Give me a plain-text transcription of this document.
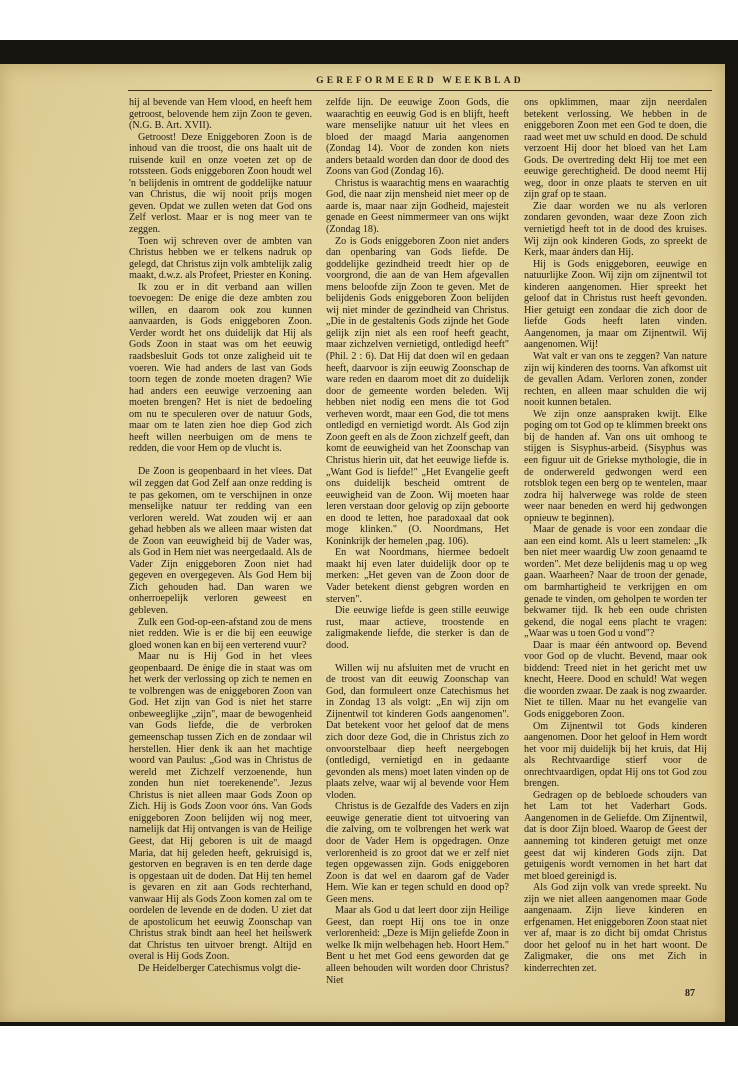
GEREFORMEERD WEEKBLAD

hij al bevende van Hem vlood, en heeft hem getroost, belovende hem zijn Zoon te geven. (N.G. B. Art. XVII).

Getroost! Deze Eniggeboren Zoon is de inhoud van die troost, die ons haalt uit de ruisende kuil en onze voeten zet op de rotssteen. Gods eniggeboren Zoon houdt wel 'n belijdenis in omtrent de goddelijke natuur van Christus, die wij nooit prijs mogen geven. Opdat we zullen weten dat God ons Zelf verlost. Maar er is nog meer van te zeggen.

Toen wij schreven over de ambten van Christus hebben we er telkens nadruk op gelegd, dat Christus zijn volk ambtelijk zalig maakt, d.w.z. als Profeet, Priester en Koning.

Ik zou er in dit verband aan willen toevoegen: De enige die deze ambten zou willen, en daarom ook zou kunnen aanvaarden, is Gods eniggeboren Zoon. Verder wordt het ons duidelijk dat Hij als Gods Zoon in staat was om het eeuwig raadsbesluit Gods tot onze zaligheid uit te voeren. Wie had anders de last van Gods toorn tegen de zonde moeten dragen? Wie had anders een eeuwige verzoening aan moeten brengen? Het is niet de bedoeling om nu te speculeren over de natuur Gods, maar om te laten zien hoe diep God zich heeft willen neerbuigen om de mens te redden, die voor Hem op de vlucht is.

De Zoon is geopenbaard in het vlees. Dat wil zeggen dat God Zelf aan onze redding is te pas gekomen, om te verschijnen in onze menselijke natuur ter redding van een verloren wereld. Wat zouden wij er aan gehad hebben als we alleen maar wisten dat de Zoon van eeuwigheid bij de Vader was, als God in Hem niet was neergedaald. Als de Vader Zijn eniggeboren Zoon niet had gegeven en overgegeven. Als God Hem bij Zich gehouden had. Dan waren we onherroepelijk verloren geweest en gebleven.

Zulk een God-op-een-afstand zou de mens niet redden. Wie is er die bij een eeuwige gloed wonen kan en bij een verterend vuur?

Maar nu is Hij God in het vlees geopenbaard. De ènige die in staat was om het werk der verlossing op zich te nemen en te volbrengen was de eniggeboren Zoon van God. Het zijn van God is niet het starre onbeweeglijke „zijn", maar de bewogenheid van Gods liefde, die de verbroken gemeenschap tussen Zich en de zondaar wil herstellen. Hier denk ik aan het machtige woord van Paulus: „God was in Christus de wereld met Zichzelf verzoenende, hun zonden hun niet toerekenende". Jezus Christus is niet alleen maar Gods Zoon op Zich. Hij is Gods Zoon voor óns. Van Gods eniggeboren Zoon belijden wij nog meer, namelijk dat Hij ontvangen is van de Heilige Geest, dat Hij geboren is uit de maagd Maria, dat hij geleden heeft, gekruisigd is, gestorven en begraven is en ten derde dage is opgestaan uit de doden. Dat Hij ten hemel is gevaren en zit aan Gods rechterhand, vanwaar Hij als Gods Zoon komen zal om te oordelen de levende en de doden. U ziet dat de apostolicum het eeuwig Zoonschap van Christus strak bindt aan heel het heilswerk dat Christus ten uitvoer brengt. Altijd en overal is Hij Gods Zoon.

De Heidelberger Catechismus volgt die-

zelfde lijn. De eeuwige Zoon Gods, die waarachtig en eeuwig God is en blijft, heeft ware menselijke natuur uit het vlees en bloed der maagd Maria aangenomen (Zondag 14). Voor de zonden kon niets anders betaald worden dan door de dood des Zoons van God (Zondag 16).

Christus is waarachtig mens en waarachtig God, die naar zijn mensheid niet meer op de aarde is, maar naar zijn Godheid, majesteit genade en Geest nimmermeer van ons wijkt (Zondag 18).

Zo is Gods eniggeboren Zoon niet anders dan openbaring van Gods liefde. De goddelijke gezindheid treedt hier op de voorgrond, die aan de van Hem afgevallen mens beloofde zijn Zoon te geven. Met de belijdenis Gods eniggeboren Zoon belijden wij niet minder de gezindheid van Christus. „Die in de gestaltenis Gods zijnde het Gode gelijk zijn niet als een roof heeft geacht, maar zichzelven vernietigd, ontledigd heeft" (Phil. 2 : 6). Dat Hij dat doen wil en gedaan heeft, daarvoor is zijn eeuwig Zoonschap de ware reden en daarom moet dit zo duidelijk door de gemeente worden beleden. Wij hebben niet nodig een mens die tot God verheven wordt, maar een God, die tot mens ontledigd en vernietigd wordt. Als God zijn Zoon geeft en als de Zoon zichzelf geeft, dan komt de eeuwigheid van het Zoonschap van Christus hierin uit, dat het eeuwige liefde is. „Want God is liefde!" „Het Evangelie geeft ons duidelijk bescheid omtrent de eeuwigheid van de Zoon. Wij moeten haar leren verstaan door gelovig op zijn geboorte en dood te letten, hoe paradoxaal dat ook moge klinken." (O. Noordmans, Het Koninkrijk der hemelen ,pag. 106).

En wat Noordmans, hiermee bedoelt maakt hij even later duidelijk door op te merken: „Het geven van de Zoon door de Vader betekent dienst gebgren worden en sterven".

Die eeuwige liefde is geen stille eeuwige rust, maar actieve, troostende en zaligmakende liefde, die sterker is dan de dood.

Willen wij nu afsluiten met de vrucht en de troost van dit eeuwig Zoonschap van God, dan formuleert onze Catechismus het in Zondag 13 als volgt: „En wij zijn om Zijnentwil tot kinderen Gods aangenomen". Dat betekent voor het geloof dat de mens zich door deze God, die in Christus zich zo onvoorstelbaar diep heeft neergebogen (ontledigd, vernietigd en in gedaante gevonden als mens) moet laten vinden op de plaats zelve, waar wij al bevende voor Hem vloden.

Christus is de Gezalfde des Vaders en zijn eeuwige generatie dient tot uitvoering van die zalving, om te volbrengen het werk wat door de Vader Hem is opgedragen. Onze verlorenheid is zo groot dat we er zelf niet tegen opgewassen zijn. Gods eniggeboren Zoon is dat wel en daarom gaf de Vader Hem. Wie kan er tegen schuld en dood op? Geen mens.

Maar als God u dat leert door zijn Heilige Geest, dan roept Hij ons toe in onze verlorenheid: „Deze is Mijn geliefde Zoon in welke Ik mijn welbehagen heb. Hoort Hem." Bent u het met God eens geworden dat ge alleen behouden wilt worden door Christus? Niet

ons opklimmen, maar zijn neerdalen betekent verlossing. We hebben in de eniggeboren Zoon met een God te doen, die raad weet met uw schuld en dood. De schuld verzoent Hij door het bloed van het Lam Gods. De overtreding dekt Hij toe met een eeuwige gerechtigheid. De dood neemt Hij weg, door in onze plaats te sterven en uit zijn graf op te staan.

Zie daar worden we nu als verloren zondaren gevonden, waar deze Zoon zich vernietigd heeft tot in de dood des kruises. Wij zijn ook kinderen Gods, zo spreekt de Kerk, maar ánders dan Hij.

Hij is Gods eniggeboren, eeuwige en natuurlijke Zoon. Wij zijn om zijnentwil tot kinderen aangenomen. Hier spreekt het geloof dat in Christus rust heeft gevonden. Hier getuigt een zondaar die zich door de liefde Gods heeft laten vinden. Aangenomen, ja maar om Zijnentwil. Wij aangenomen. Wij!

Wat valt er van ons te zeggen? Van nature zijn wij kinderen des toorns. Van afkomst uit de gevallen Adam. Verloren zonen, zonder rechten, en alleen maar schulden die wij nooit kunnen betalen.

We zijn onze aanspraken kwijt. Elke poging om tot God op te klimmen breekt ons bij de handen af. Van ons uit omhoog te stijgen is Sisyphus-arbeid. (Sisyphus was een figuur uit de Griekse mythologie, die in de onderwereld gedwongen werd een rotsblok tegen een berg op te wentelen, maar zodra hij halverwege was rolde de steen weer naar beneden en werd hij gedwongen opnieuw te beginnen).

Maar de genade is voor een zondaar die aan een eind komt. Als u leert stamelen: „Ik ben niet meer waardig Uw zoon genaamd te worden". Met deze belijdenis mag u op weg gaan. Waarheen? Naar de troon der genade, om barmhartigheid te verkrijgen en om genade te vinden, om geholpen te worden ter bekwamer tijd. Ik heb een oude christen gekend, die nogal eens placht te vragen: „Waar was u toen God u vond"?

Daar is maar één antwoord op. Bevend voor God op de vlucht. Bevend, maar ook biddend: Treed niet in het gericht met uw knecht, Heere. Dood en schuld! Wat wegen die woorden zwaar. De zaak is nog zwaarder. Niet te tillen. Maar nu het evangelie van Gods eniggeboren Zoon.

Om Zijnentwil tot Gods kinderen aangenomen. Door het geloof in Hem wordt het voor mij duidelijk bij het kruis, dat Hij als Rechtvaardige stierf voor de onrechtvaardigen, opdat Hij ons tot God zou brengen.

Gedragen op de bebloede schouders van het Lam tot het Vaderhart Gods. Aangenomen in de Geliefde. Om Zijnentwil, dat is door Zijn bloed. Waarop de Geest der aanneming tot kinderen getuigt met onze geest dat wij kinderen Gods zijn. Dat getuigenis wordt vernomen in het hart dat met bloed gereinigd is.

Als God zijn volk van vrede spreekt. Nu zijn we niet alleen aangenomen maar Gode aangenaam. Zijn lieve kinderen en erfgenamen. Het eniggeboren Zoon staat niet ver af, maar is zo dicht bij omdat Christus door het geloof nu in het hart woont. De Zaligmaker, die ons met Zich in kinderrechten zet.

87
